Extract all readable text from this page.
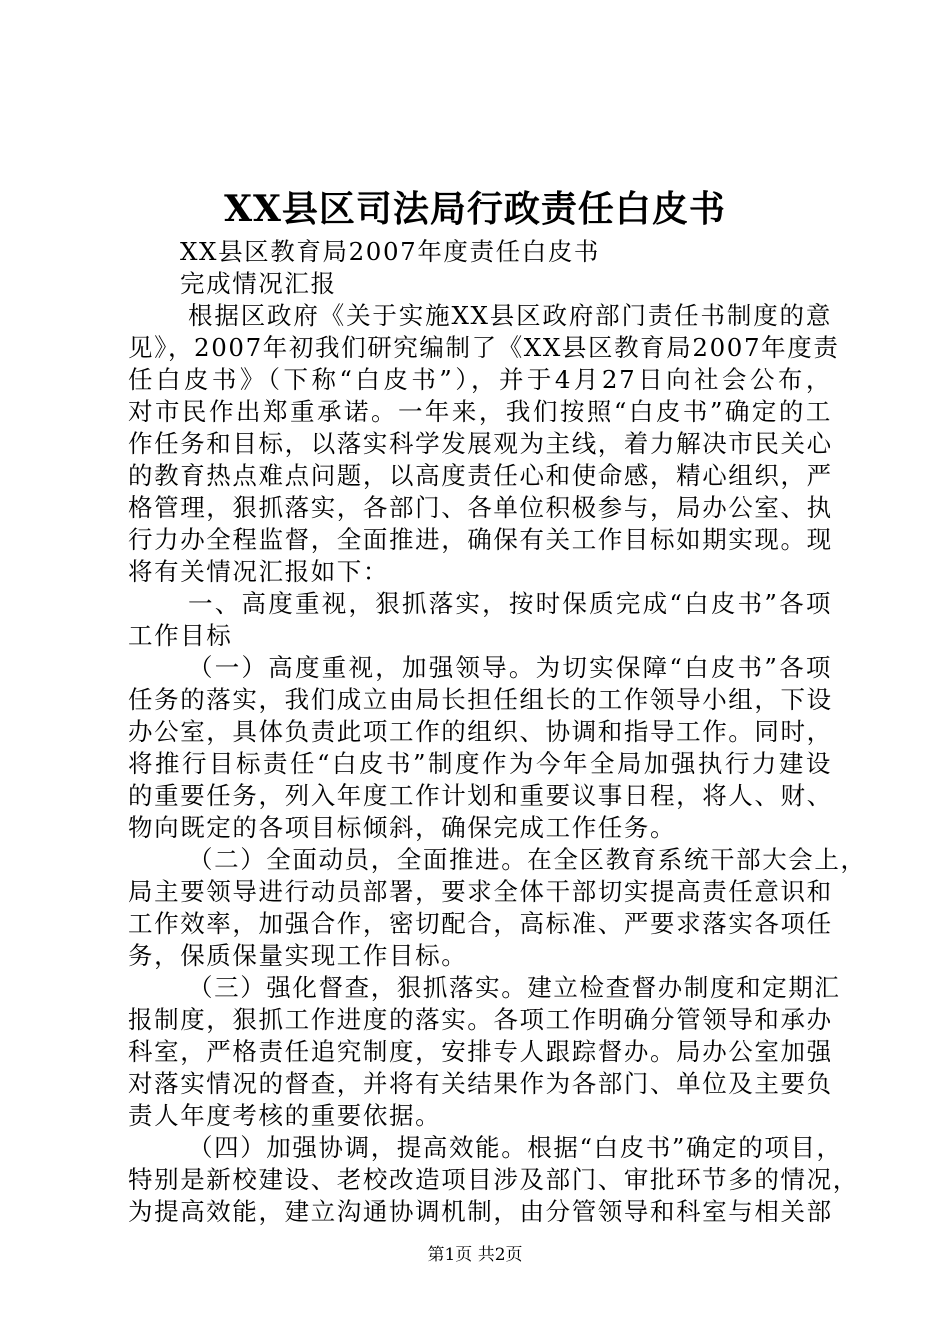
XX县区司法局行政责任白皮书
XX县区教育局2007年度责任白皮书
完成情况汇报
根据区政府《关于实施XX县区政府部门责任书制度的意
见》，2007年初我们研究编制了《XX县区教育局2007年度责
任白皮书》（下称“白皮书”），并于4月27日向社会公布，
对市民作出郑重承诺。一年来，我们按照“白皮书”确定的工
作任务和目标，以落实科学发展观为主线，着力解决市民关心
的教育热点难点问题，以高度责任心和使命感，精心组织，严
格管理，狠抓落实，各部门、各单位积极参与，局办公室、执
行力办全程监督，全面推进，确保有关工作目标如期实现。现
将有关情况汇报如下：
一、高度重视，狠抓落实，按时保质完成“白皮书”各项
工作目标
（一）高度重视，加强领导。为切实保障“白皮书”各项
任务的落实，我们成立由局长担任组长的工作领导小组，下设
办公室，具体负责此项工作的组织、协调和指导工作。同时，
将推行目标责任“白皮书”制度作为今年全局加强执行力建设
的重要任务，列入年度工作计划和重要议事日程，将人、财、
物向既定的各项目标倾斜，确保完成工作任务。
（二）全面动员，全面推进。在全区教育系统干部大会上，
局主要领导进行动员部署，要求全体干部切实提高责任意识和
工作效率，加强合作，密切配合，高标准、严要求落实各项任
务，保质保量实现工作目标。
（三）强化督查，狠抓落实。建立检查督办制度和定期汇
报制度，狠抓工作进度的落实。各项工作明确分管领导和承办
科室，严格责任追究制度，安排专人跟踪督办。局办公室加强
对落实情况的督查，并将有关结果作为各部门、单位及主要负
责人年度考核的重要依据。
（四）加强协调，提高效能。根据“白皮书”确定的项目，
特别是新校建设、老校改造项目涉及部门、审批环节多的情况，
为提高效能，建立沟通协调机制，由分管领导和科室与相关部
第1页 共2页
